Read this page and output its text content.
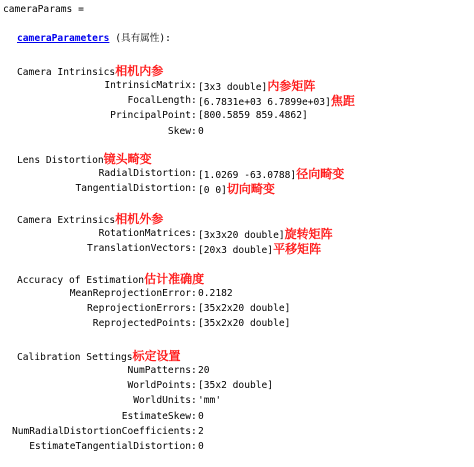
cameraParams =
cameraParameters (具有属性):
Camera Intrinsics相机内参
IntrinsicMatrix : [3x3 double]内参矩阵
FocalLength : [6.7831e+03 6.7899e+03]焦距
PrincipalPoint : [800.5859 859.4862]
Skew : 0
Lens Distortion镜头畸变
RadialDistortion : [1.0269 -63.0788]径向畸变
TangentialDistortion : [0 0]切向畸变
Camera Extrinsics相机外参
RotationMatrices : [3x3x20 double]旋转矩阵
TranslationVectors : [20x3 double]平移矩阵
Accuracy of Estimation估计准确度
MeanReprojectionError : 0.2182
ReprojectionErrors : [35x2x20 double]
ReprojectedPoints : [35x2x20 double]
Calibration Settings标定设置
NumPatterns : 20
WorldPoints : [35x2 double]
WorldUnits : 'mm'
EstimateSkew : 0
NumRadialDistortionCoefficients : 2
EstimateTangentialDistortion : 0
